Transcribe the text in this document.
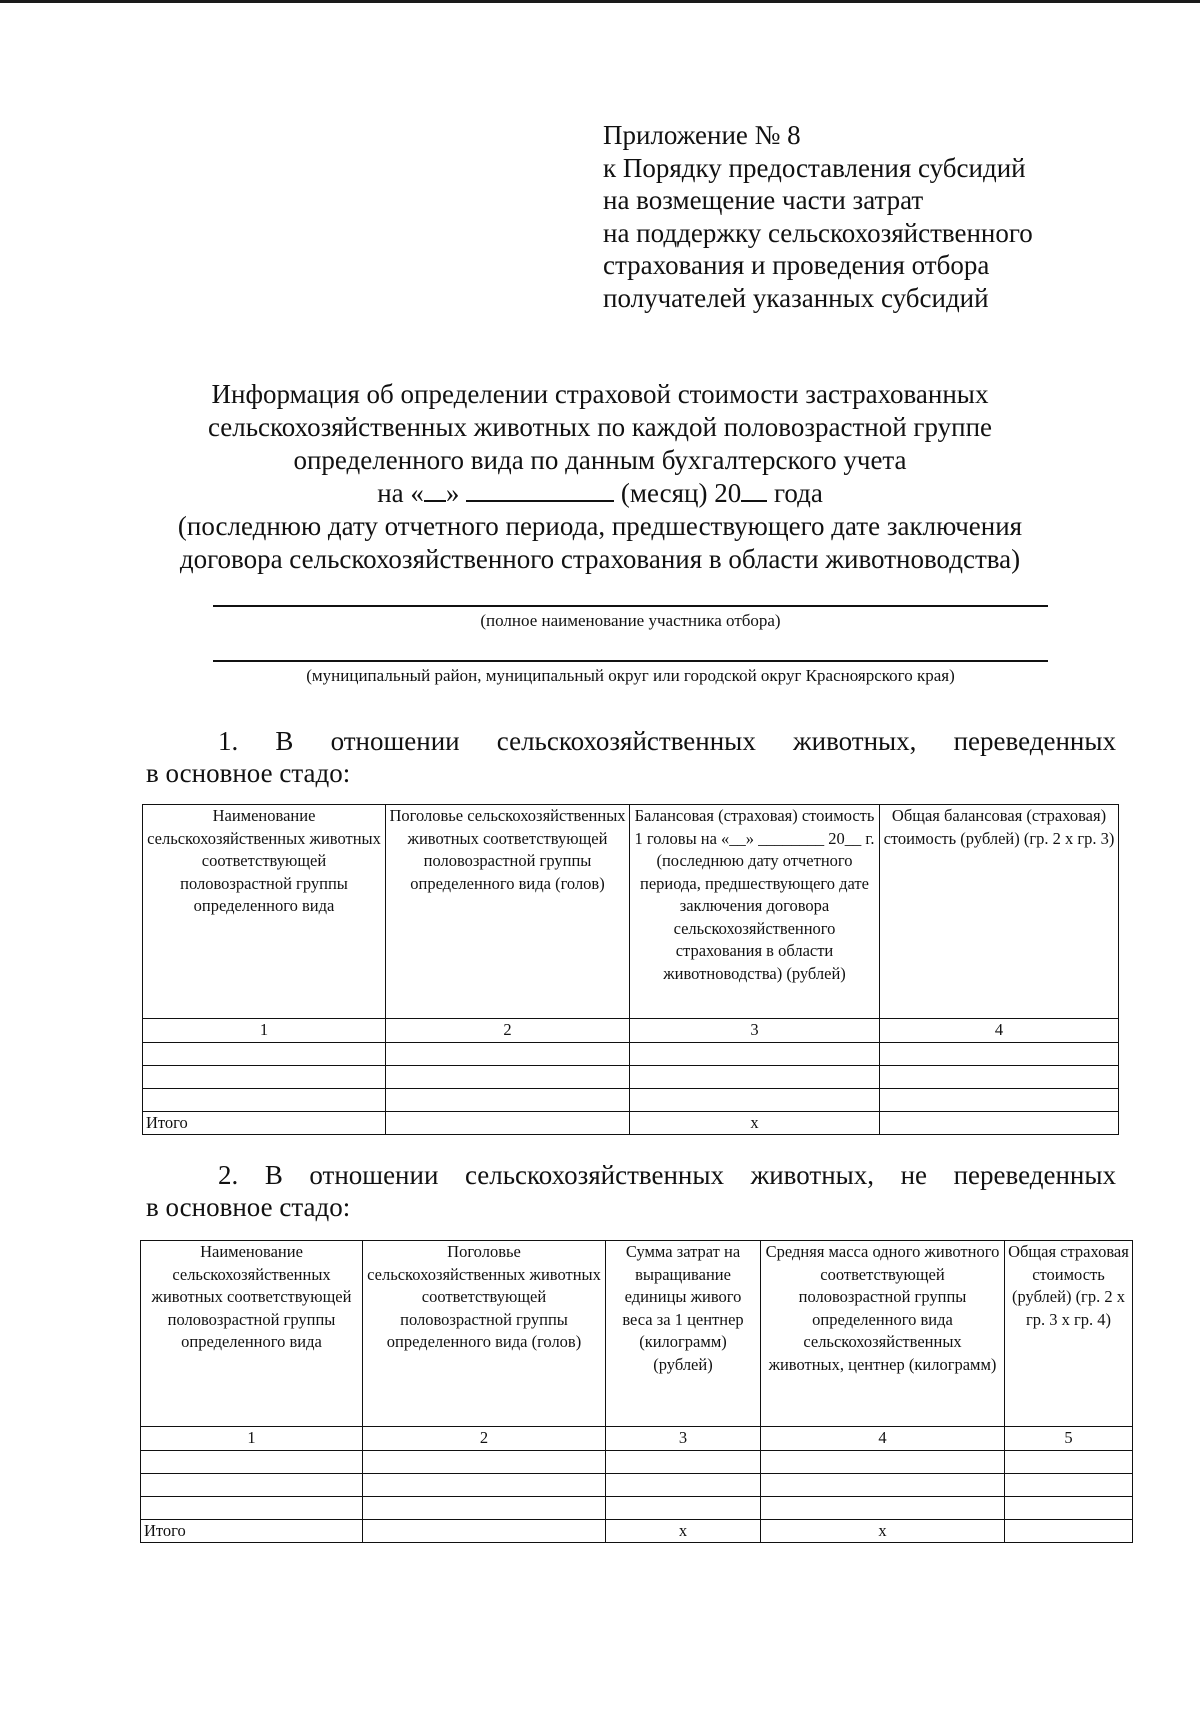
Приложение № 8
к Порядку предоставления субсидий
на возмещение части затрат
на поддержку сельскохозяйственного
страхования и проведения отбора
получателей указанных субсидий
Информация об определении страховой стоимости застрахованных
сельскохозяйственных животных по каждой половозрастной группе
определенного вида по данным бухгалтерского учета
на « »	(месяц) 20 года
(последнюю дату отчетного периода, предшествующего дате заключения
договора сельскохозяйственного страхования в области животноводства)
(полное наименование участника отбора)
(муниципальный район, муниципальный округ или городской округ Красноярского края)
1. В отношении сельскохозяйственных животных, переведенных
в основное стадо:
Наименование сельскохозяйственных животных соответствующей половозрастной группы определенного вида	Поголовье сельскохозяйственных животных соответствующей половозрастной группы определенного вида (голов)	Балансовая (страховая) стоимость 1 головы на «__» ________ 20__ г. (последнюю дату отчетного периода, предшествующего дате заключения договора сельскохозяйственного страхования в области животноводства) (рублей)	Общая балансовая (страховая) стоимость (рублей) (гр. 2 x гр. 3)
1	2	3	4

Итого		x	
2. В отношении сельскохозяйственных животных, не переведенных
в основное стадо:
Наименование сельскохозяйственных животных соответствующей половозрастной группы определенного вида	Поголовье сельскохозяйственных животных соответствующей половозрастной группы определенного вида (голов)	Сумма затрат на выращивание единицы живого веса за 1 центнер (килограмм) (рублей)	Средняя масса одного животного соответствующей половозрастной группы определенного вида сельскохозяйственных животных, центнер (килограмм)	Общая страховая стоимость (рублей) (гр. 2 x гр. 3 x гр. 4)
1	2	3	4	5

Итого		x	x	
